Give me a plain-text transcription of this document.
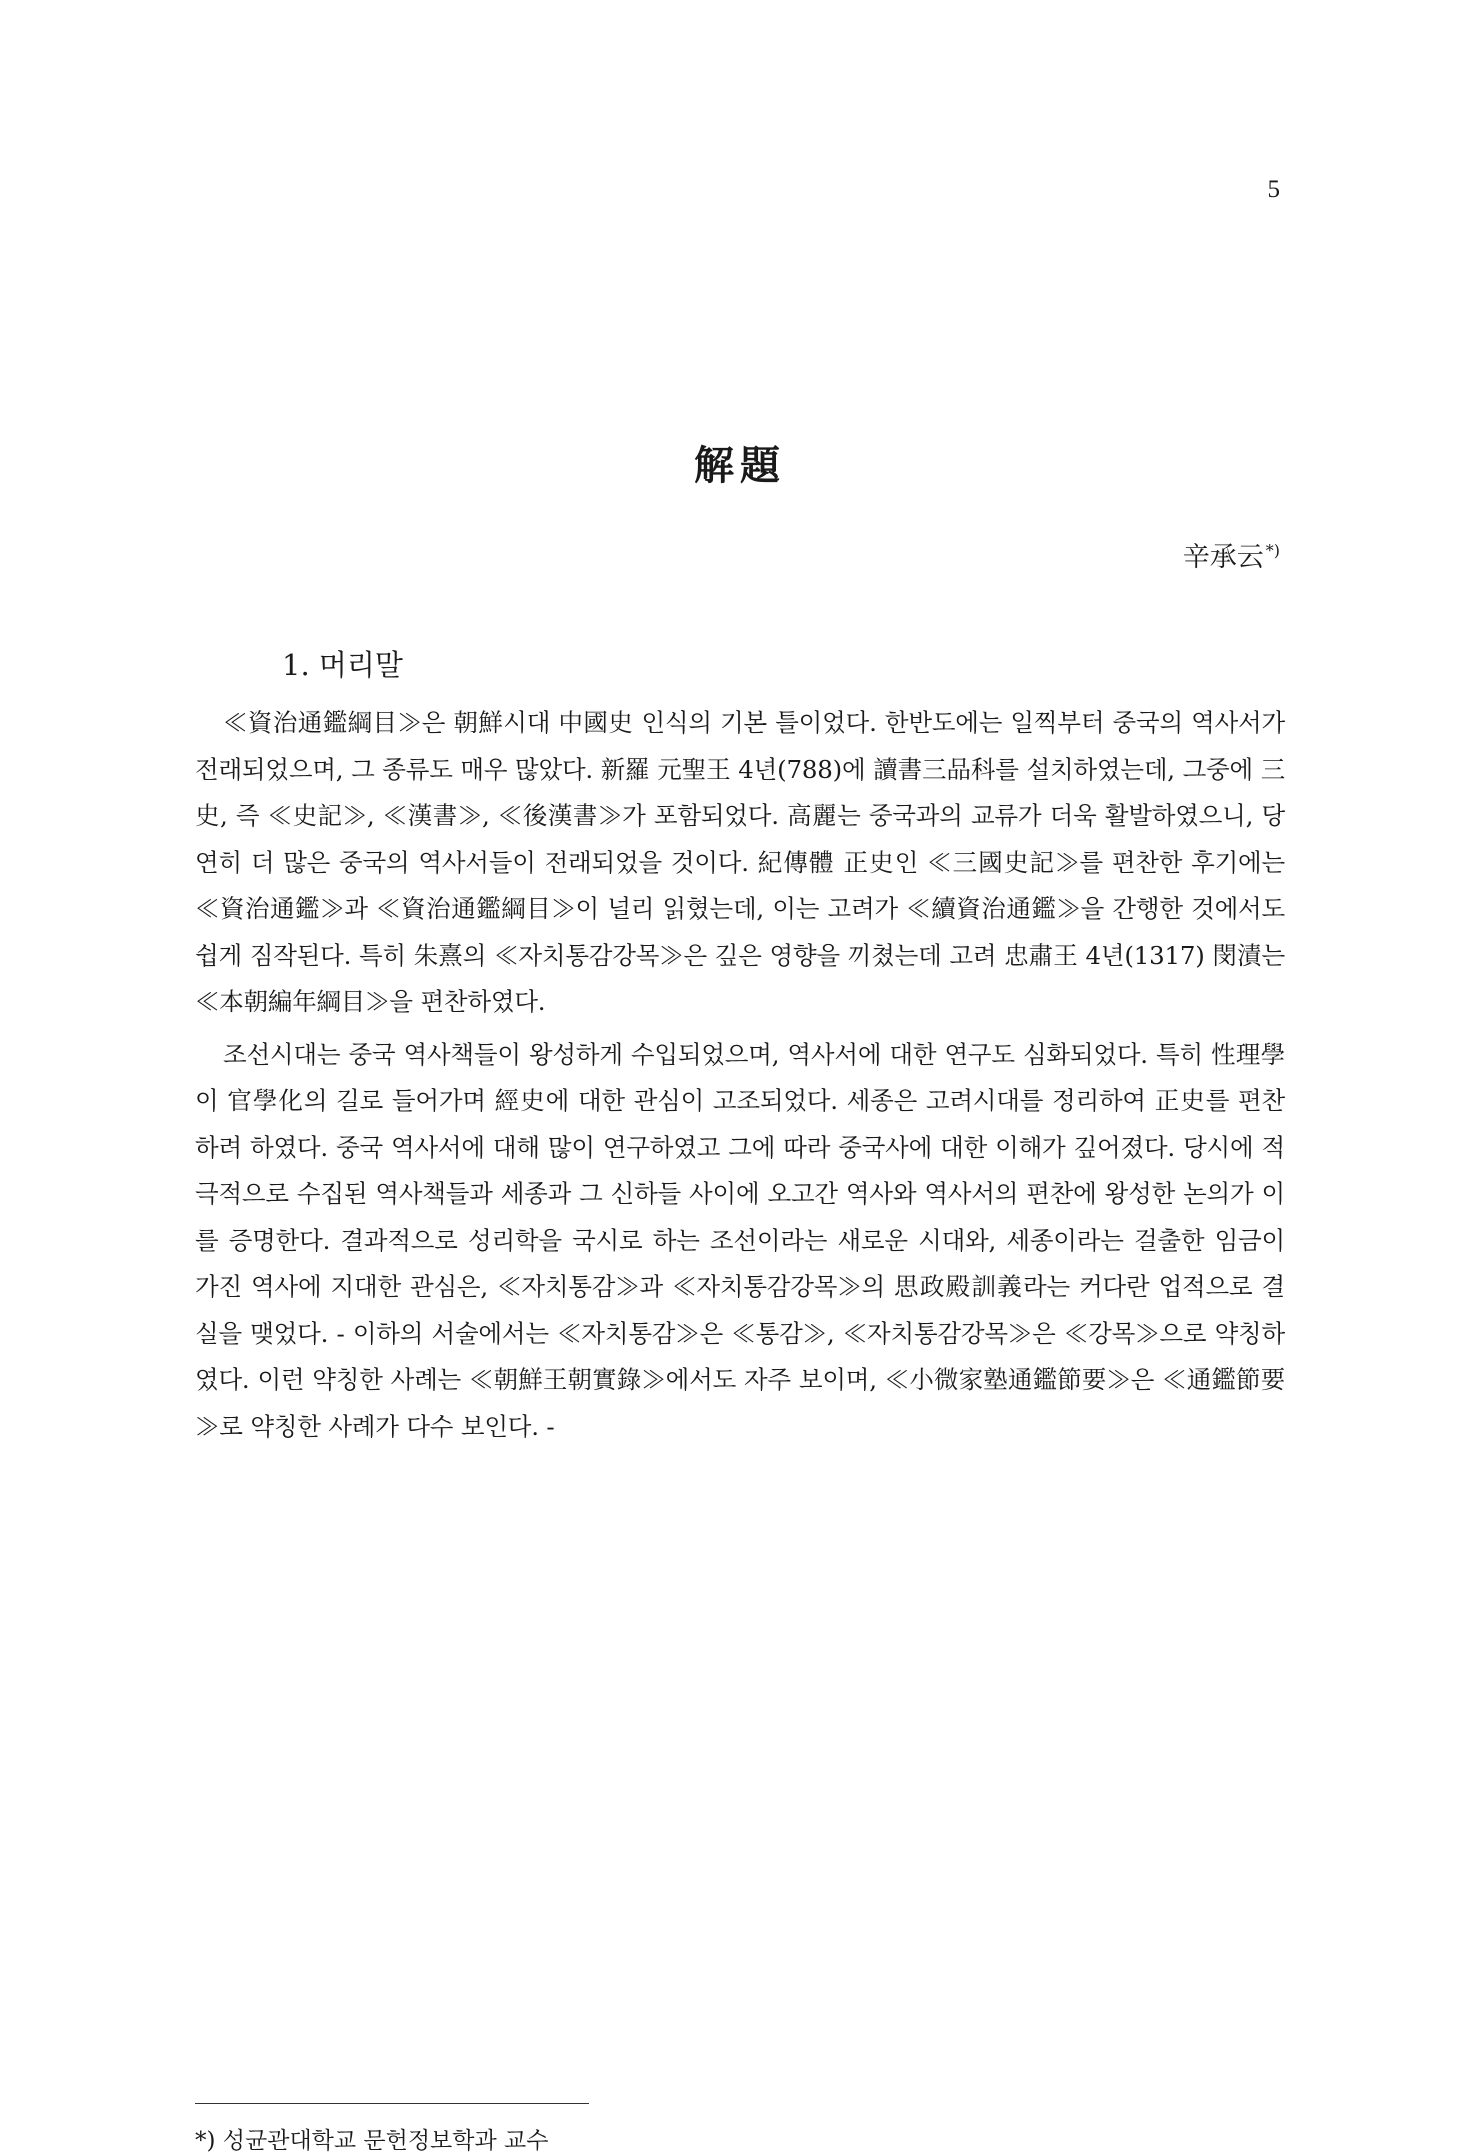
5
解題
辛承云 *)
1. 머리말

≪資治通鑑綱目≫은 朝鮮시대 中國史 인식의 기본 틀이었다. 한반도에는 일찍부터 중국의 역사서가 전래되었으며, 그 종류도 매우 많았다. 新羅 元聖王 4년(788)에 讀書三品科를 설치하였는데, 그중에 三史, 즉 ≪史記≫, ≪漢書≫, ≪後漢書≫가 포함되었다. 高麗는 중국과의 교류가 더욱 활발하였으니, 당연히 더 많은 중국의 역사서들이 전래되었을 것이다. 紀傳體 正史인 ≪三國史記≫를 편찬한 후기에는 ≪資治通鑑≫과 ≪資治通鑑綱目≫이 널리 읽혔는데, 이는 고려가 ≪續資治通鑑≫을 간행한 것에서도 쉽게 짐작된다. 특히 朱熹의 ≪자치통감강목≫은 깊은 영향을 끼쳤는데 고려 忠肅王 4년(1317) 閔漬는 ≪本朝編年綱目≫을 편찬하였다.

조선시대는 중국 역사책들이 왕성하게 수입되었으며, 역사서에 대한 연구도 심화되었다. 특히 性理學이 官學化의 길로 들어가며 經史에 대한 관심이 고조되었다. 세종은 고려시대를 정리하여 正史를 편찬하려 하였다. 중국 역사서에 대해 많이 연구하였고 그에 따라 중국사에 대한 이해가 깊어졌다. 당시에 적극적으로 수집된 역사책들과 세종과 그 신하들 사이에 오고간 역사와 역사서의 편찬에 왕성한 논의가 이를 증명한다. 결과적으로 성리학을 국시로 하는 조선이라는 새로운 시대와, 세종이라는 걸출한 임금이 가진 역사에 지대한 관심은, ≪자치통감≫과 ≪자치통감강목≫의 思政殿訓義라는 커다란 업적으로 결실을 맺었다. - 이하의 서술에서는 ≪자치통감≫은 ≪통감≫, ≪자치통감강목≫은 ≪강목≫으로 약칭하였다. 이런 약칭한 사례는 ≪朝鮮王朝實錄≫에서도 자주 보이며, ≪小微家塾通鑑節要≫은 ≪通鑑節要≫로 약칭한 사례가 다수 보인다. -

*) 성균관대학교 문헌정보학과 교수
